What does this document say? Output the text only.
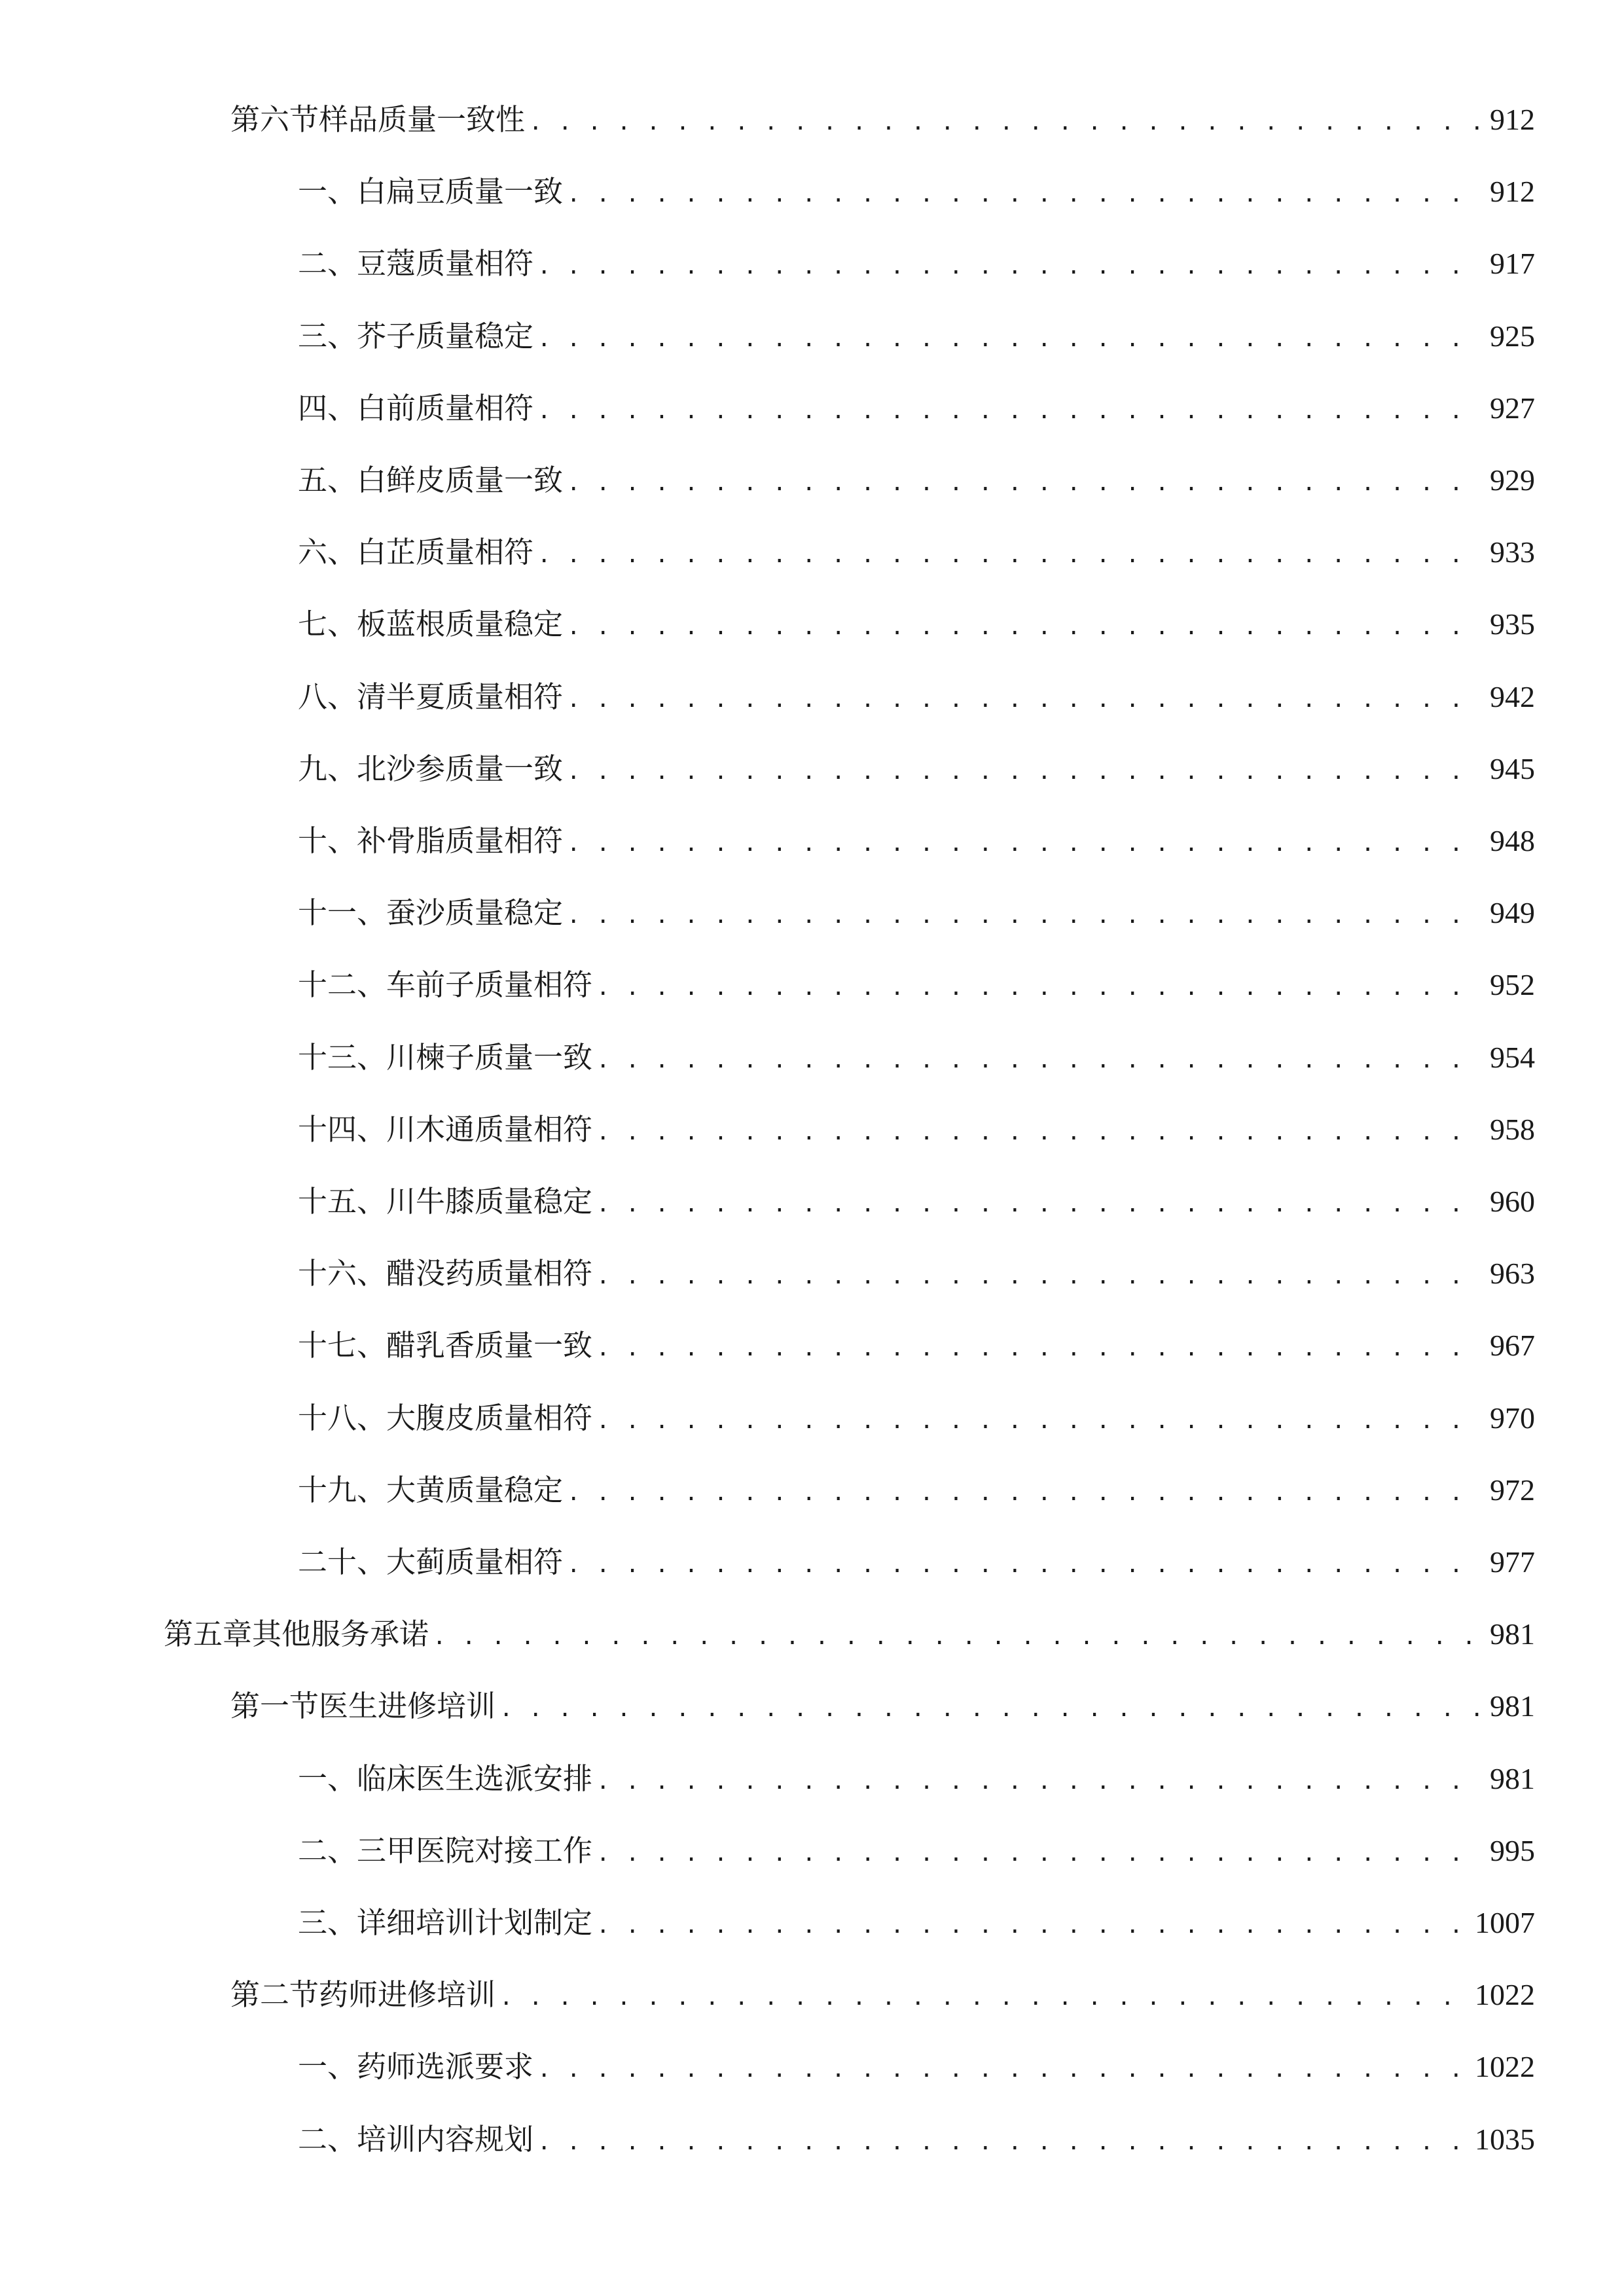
第六节 样品质量一致性 . . .	912
一、 白扁豆质量一致 . . .	912
二、 豆蔻质量相符 . . .	917
三、 芥子质量稳定 . . .	925
四、 白前质量相符 . . .	927
五、 白鲜皮质量一致 . . .	929
六、 白芷质量相符 . . .	933
七、 板蓝根质量稳定 . . .	935
八、 清半夏质量相符 . . .	942
九、 北沙参质量一致 . . .	945
十、 补骨脂质量相符 . . .	948
十一、 蚕沙质量稳定 . . .	949
十二、 车前子质量相符 . . .	952
十三、 川楝子质量一致 . . .	954
十四、 川木通质量相符 . . .	958
十五、 川牛膝质量稳定 . . .	960
十六、 醋没药质量相符 . . .	963
十七、 醋乳香质量一致 . . .	967
十八、 大腹皮质量相符 . . .	970
十九、 大黄质量稳定 . . .	972
二十、 大蓟质量相符 . . .	977
第五章 其他服务承诺 . . .	981
第一节 医生进修培训 . . .	981
一、 临床医生选派安排 . . .	981
二、 三甲医院对接工作 . . .	995
三、 详细培训计划制定 . . .	1007
第二节 药师进修培训 . . .	1022
一、 药师选派要求 . . .	1022
二、 培训内容规划 . . .	1035
